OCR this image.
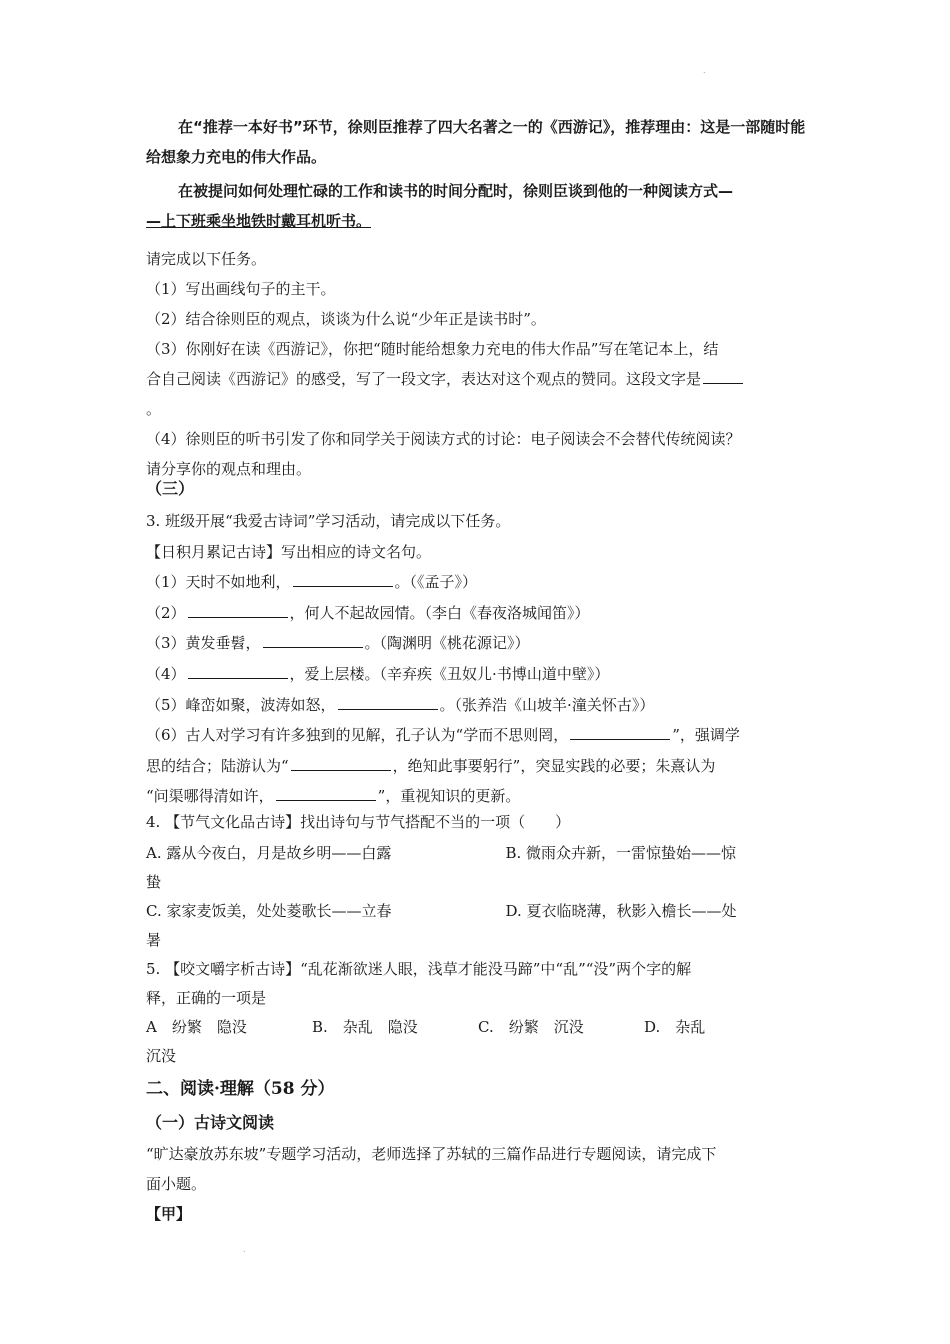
.

在“推荐一本好书”环节，徐则臣推荐了四大名著之一的《西游记》，推荐理由：这是一部随时能给想象力充电的伟大作品。

在被提问如何处理忙碌的工作和读书的时间分配时，徐则臣谈到他的一种阅读方式—

—上下班乘坐地铁时戴耳机听书。

请完成以下任务。

（1）写出画线句子的主干。

（2）结合徐则臣的观点，谈谈为什么说“少年正是读书时”。

（3）你刚好在读《西游记》，你把“随时能给想象力充电的伟大作品”写在笔记本上，结

合自己阅读《西游记》的感受，写了一段文字，表达对这个观点的赞同。这段文字是

。

（4）徐则臣的听书引发了你和同学关于阅读方式的讨论：电子阅读会不会替代传统阅读？

请分享你的观点和理由。

（三）

3. 班级开展“我爱古诗词”学习活动，请完成以下任务。

【日积月累记古诗】写出相应的诗文名句。

（1）天时不如地利，	。（《孟子》）

（2）	，何人不起故园情。（李白《春夜洛城闻笛》）

（3）黄发垂髫，	。（陶渊明《桃花源记》）

（4）	，爱上层楼。（辛弃疾《丑奴儿·书博山道中壁》）

（5）峰峦如聚，波涛如怒，	。（张养浩《山坡羊·潼关怀古》）

（6）古人对学习有许多独到的见解，孔子认为“学而不思则罔，	”，强调学

思的结合；陆游认为“	，绝知此事要躬行”，突显实践的必要；朱熹认为

“问渠哪得清如许，	”，重视知识的更新。

4. 【节气文化品古诗】找出诗句与节气搭配不当的一项（　　）

A. 露从今夜白，月是故乡明——白露	B. 微雨众卉新，一雷惊蛰始——惊

蛰

C. 家家麦饭美，处处菱歌长——立春	D. 夏衣临晓薄，秋影入檐长——处

暑

5. 【咬文嚼字析古诗】“乱花渐欲迷人眼，浅草才能没马蹄”中“乱”“没”两个字的解

释，正确的一项是

A　纷繁　隐没	B.　杂乱　隐没	C.　纷繁　沉没	D.　杂乱

沉没

二、阅读·理解（58 分）
（一）古诗文阅读

“旷达豪放苏东坡”专题学习活动，老师选择了苏轼的三篇作品进行专题阅读，请完成下

面小题。

【甲】

.
